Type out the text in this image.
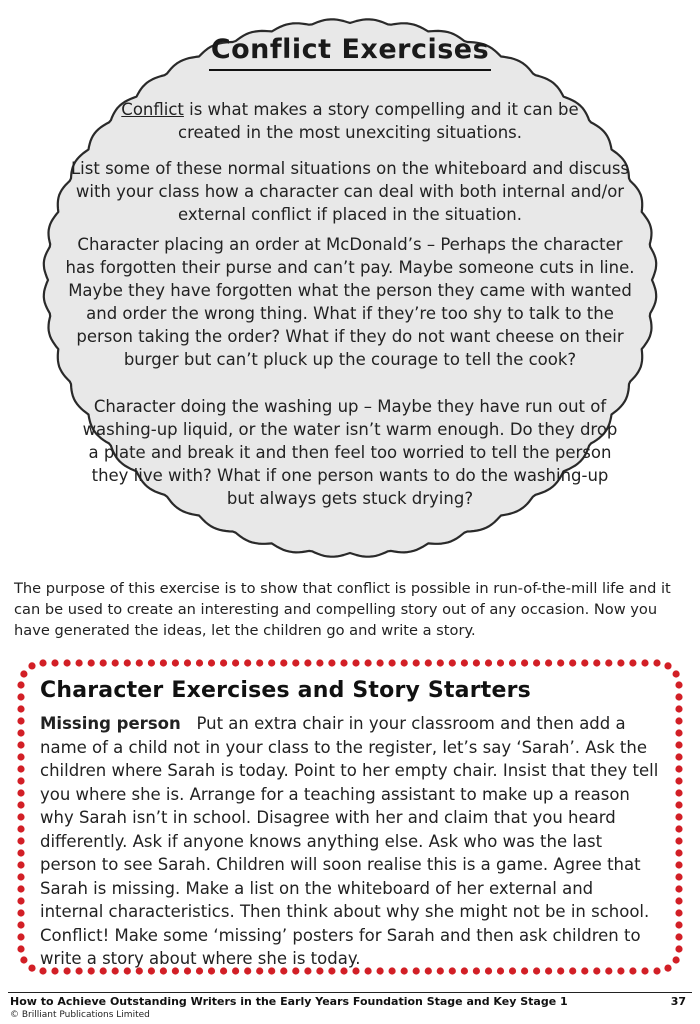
Conflict Exercises

Conflict is what makes a story compelling and it can be created in the most unexciting situations.

List some of these normal situations on the whiteboard and discuss with your class how a character can deal with both internal and/or external conflict if placed in the situation.

Character placing an order at McDonald’s – Perhaps the character has forgotten their purse and can’t pay. Maybe someone cuts in line. Maybe they have forgotten what the person they came with wanted and order the wrong thing. What if they’re too shy to talk to the person taking the order? What if they do not want cheese on their burger but can’t pluck up the courage to tell the cook?

Character doing the washing up – Maybe they have run out of washing-up liquid, or the water isn’t warm enough. Do they drop a plate and break it and then feel too worried to tell the person they live with? What if one person wants to do the washing-up but always gets stuck drying?

The purpose of this exercise is to show that conflict is possible in run-of-the-mill life and it can be used to create an interesting and compelling story out of any occasion. Now you have generated the ideas, let the children go and write a story.

Character Exercises and Story Starters

Missing person Put an extra chair in your classroom and then add a name of a child not in your class to the register, let’s say ‘Sarah’. Ask the children where Sarah is today. Point to her empty chair. Insist that they tell you where she is. Arrange for a teaching assistant to make up a reason why Sarah isn’t in school. Disagree with her and claim that you heard differently. Ask if anyone knows anything else. Ask who was the last person to see Sarah. Children will soon realise this is a game. Agree that Sarah is missing. Make a list on the whiteboard of her external and internal characteristics. Then think about why she might not be in school. Conflict! Make some ‘missing’ posters for Sarah and then ask children to write a story about where she is today.

How to Achieve Outstanding Writers in the Early Years Foundation Stage and Key Stage 1	37
© Brilliant Publications Limited
